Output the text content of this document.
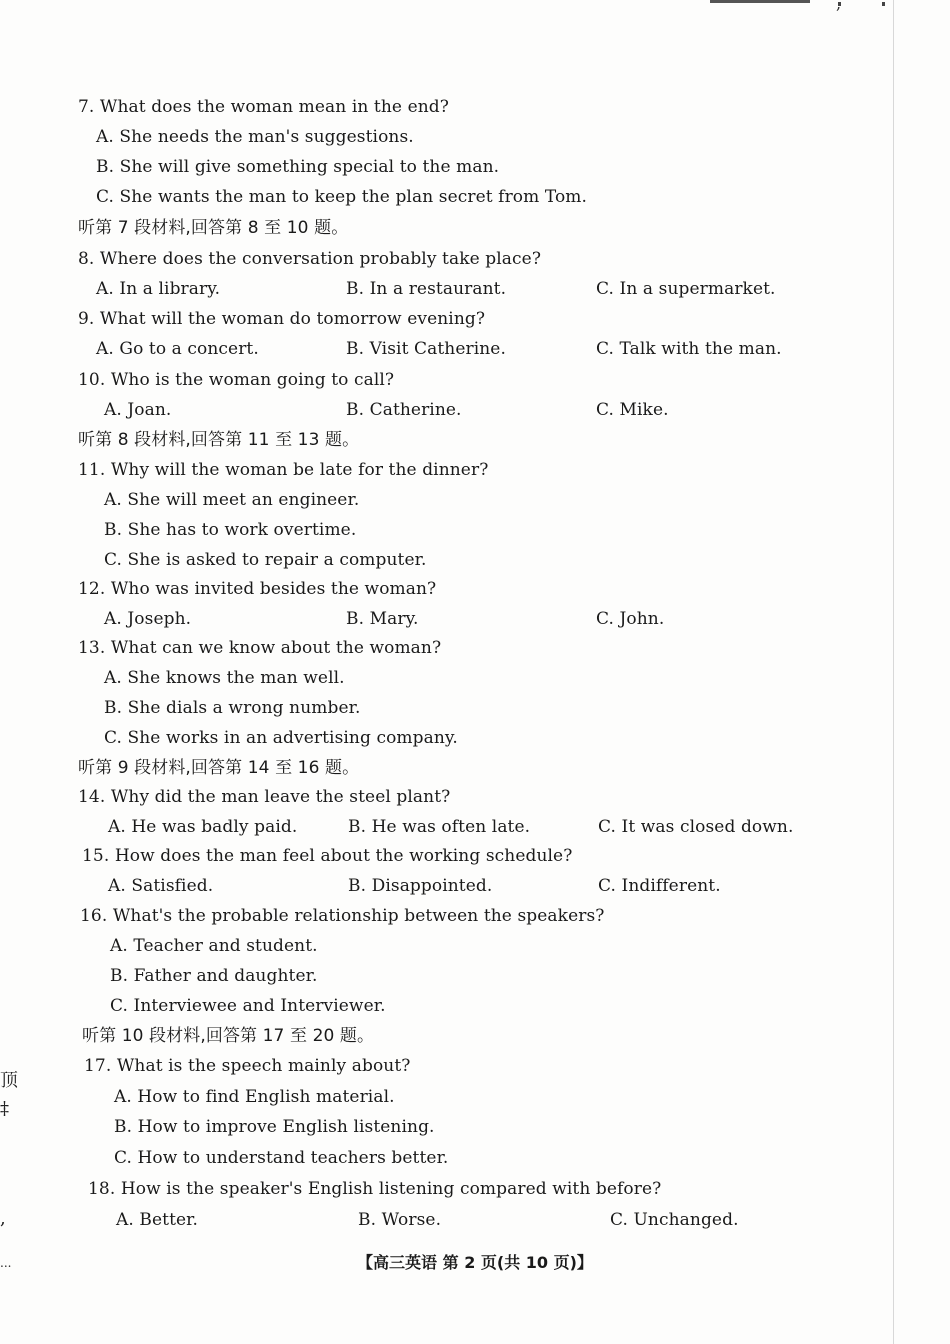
顶
‡
,
...
7. What does the woman mean in the end?
A. She needs the man's suggestions.
B. She will give something special to the man.
C. She wants the man to keep the plan secret from Tom.
听第 7 段材料,回答第 8 至 10 题。
8. Where does the conversation probably take place?
A. In a library.	B. In a restaurant.	C. In a supermarket.
9. What will the woman do tomorrow evening?
A. Go to a concert.	B. Visit Catherine.	C. Talk with the man.
10. Who is the woman going to call?
A. Joan.	B. Catherine.	C. Mike.
听第 8 段材料,回答第 11 至 13 题。
11. Why will the woman be late for the dinner?
A. She will meet an engineer.
B. She has to work overtime.
C. She is asked to repair a computer.
12. Who was invited besides the woman?
A. Joseph.	B. Mary.	C. John.
13. What can we know about the woman?
A. She knows the man well.
B. She dials a wrong number.
C. She works in an advertising company.
听第 9 段材料,回答第 14 至 16 题。
14. Why did the man leave the steel plant?
A. He was badly paid.	B. He was often late.	C. It was closed down.
15. How does the man feel about the working schedule?
A. Satisfied.	B. Disappointed.	C. Indifferent.
16. What's the probable relationship between the speakers?
A. Teacher and student.
B. Father and daughter.
C. Interviewee and Interviewer.
听第 10 段材料,回答第 17 至 20 题。
17. What is the speech mainly about?
A. How to find English material.
B. How to improve English listening.
C. How to understand teachers better.
18. How is the speaker's English listening compared with before?
A. Better.	B. Worse.	C. Unchanged.
【高三英语 第 2 页(共 10 页)】
,
